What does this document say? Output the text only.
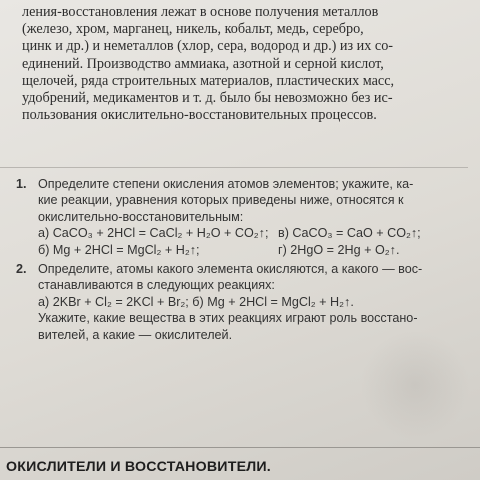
ления-восстановления лежат в основе получения металлов
(железо, хром, марганец, никель, кобальт, медь, серебро,
цинк и др.) и неметаллов (хлор, сера, водород и др.) из их со-
единений. Производство аммиака, азотной и серной кислот,
щелочей, ряда строительных материалов, пластических масс,
удобрений, медикаментов и т. д. было бы невозможно без ис-
пользования окислительно-восстановительных процессов.
1. Определите степени окисления атомов элементов; укажите, ка-
кие реакции, уравнения которых приведены ниже, относятся к
окислительно-восстановительным:
а) CaCO₃ + 2HCl = CaCl₂ + H₂O + CO₂↑; в) CaCO₃ = CaO + CO₂↑;
б) Mg + 2HCl = MgCl₂ + H₂↑;	г) 2HgO = 2Hg + O₂↑.
2. Определите, атомы какого элемента окисляются, а какого — вос-
станавливаются в следующих реакциях:
а) 2KBr + Cl₂ = 2KCl + Br₂; б) Mg + 2HCl = MgCl₂ + H₂↑.
Укажите, какие вещества в этих реакциях играют роль восстано-
вителей, а какие — окислителей.
ОКИСЛИТЕЛИ И ВОССТАНОВИТЕЛИ.
